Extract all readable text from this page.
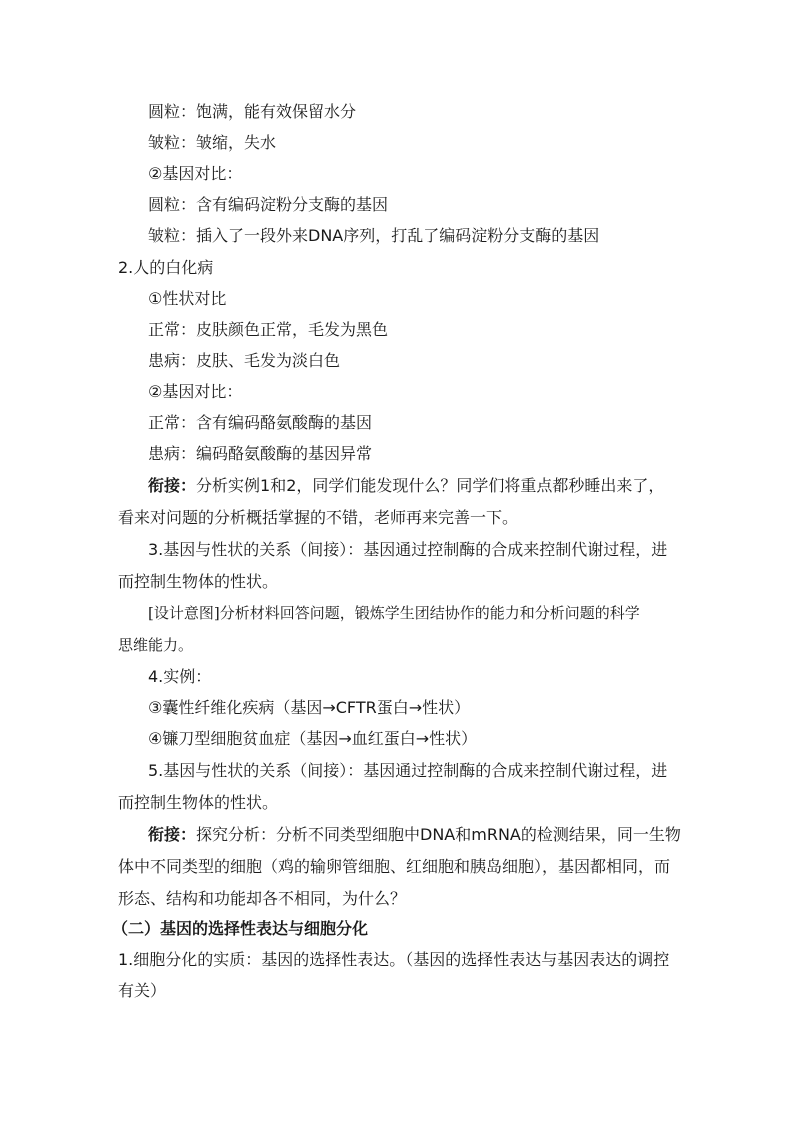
圆粒：饱满，能有效保留水分
皱粒：皱缩，失水
②基因对比：
圆粒：含有编码淀粉分支酶的基因
皱粒：插入了一段外来DNA序列，打乱了编码淀粉分支酶的基因
2.人的白化病
①性状对比
正常：皮肤颜色正常，毛发为黑色
患病：皮肤、毛发为淡白色
②基因对比：
正常：含有编码酪氨酸酶的基因
患病：编码酪氨酸酶的基因异常
衔接：分析实例1和2，同学们能发现什么？同学们将重点都秒睡出来了，
看来对问题的分析概括掌握的不错，老师再来完善一下。
3.基因与性状的关系（间接）：基因通过控制酶的合成来控制代谢过程，进
而控制生物体的性状。
[设计意图]分析材料回答问题，锻炼学生团结协作的能力和分析问题的科学
思维能力。
4.实例：
③囊性纤维化疾病（基因→CFTR蛋白→性状）
④镰刀型细胞贫血症（基因→血红蛋白→性状）
5.基因与性状的关系（间接）：基因通过控制酶的合成来控制代谢过程，进
而控制生物体的性状。
衔接：探究分析：分析不同类型细胞中DNA和mRNA的检测结果，同一生物
体中不同类型的细胞（鸡的输卵管细胞、红细胞和胰岛细胞），基因都相同，而
形态、结构和功能却各不相同，为什么？
（二）基因的选择性表达与细胞分化
1.细胞分化的实质：基因的选择性表达。（基因的选择性表达与基因表达的调控
有关）
